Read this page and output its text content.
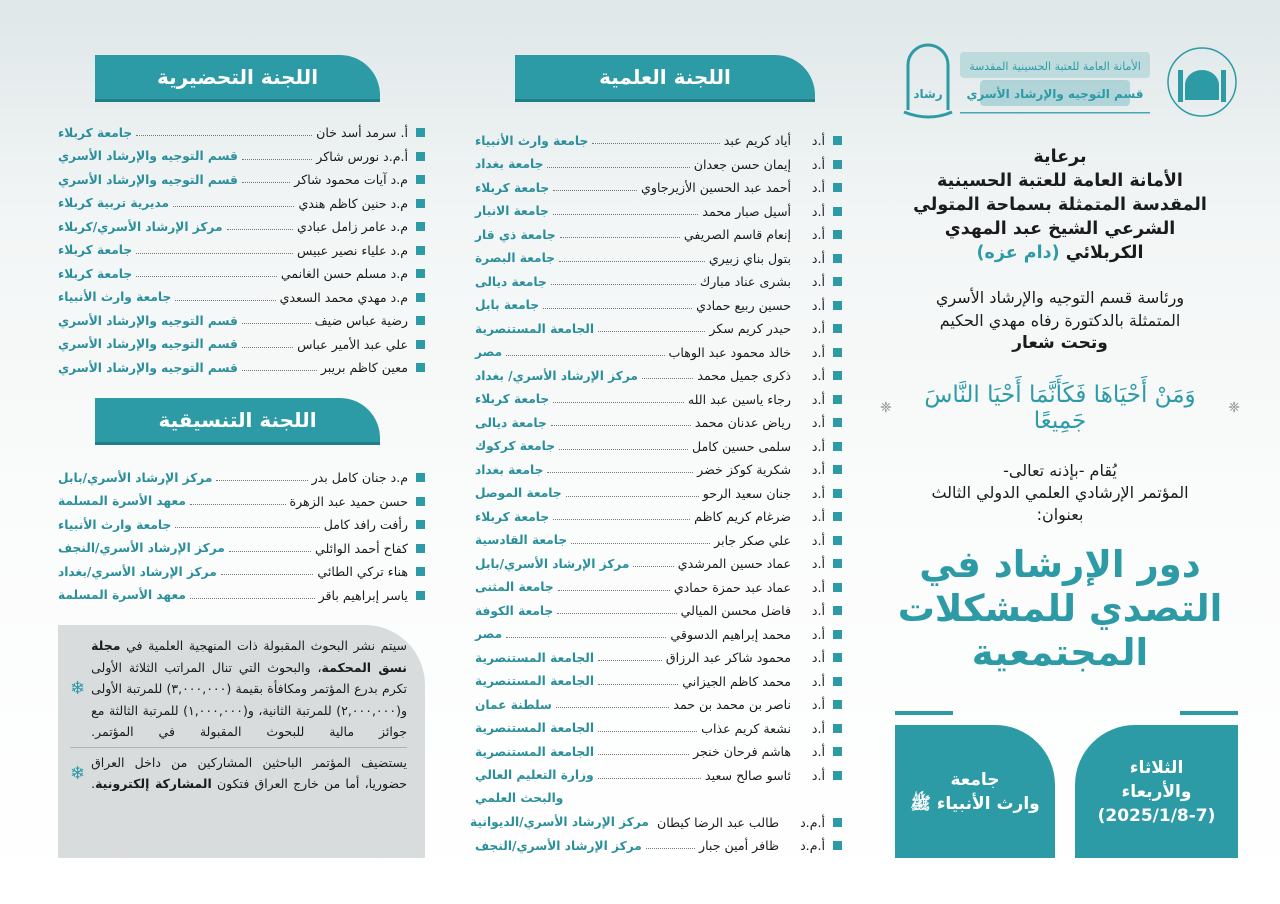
اللجنة التحضيرية
أ. سرمد أسد خان
جامعة كربلاء
أ.م.د نورس شاكر
قسم التوجيه والإرشاد الأسري
م.د آيات محمود شاكر
قسم التوجيه والإرشاد الأسري
م.د حنين كاظم هندي
مديرية تربية كربلاء
م.د عامر زامل عبادي
مركز الإرشاد الأسري/كربلاء
م.د علياء نصير عبيس
جامعة كربلاء
م.د مسلم حسن الغانمي
جامعة كربلاء
م.د مهدي محمد السعدي
جامعة وارث الأنبياء
رضية عباس ضيف
قسم التوجيه والإرشاد الأسري
علي عبد الأمير عباس
قسم التوجيه والإرشاد الأسري
معين كاظم بريبر
قسم التوجيه والإرشاد الأسري
اللجنة التنسيقية
م.د جنان كامل بدر
مركز الإرشاد الأسري/بابل
حسن حميد عبد الزهرة
معهد الأسرة المسلمة
رأفت رافد كامل
جامعة وارث الأنبياء
كفاح أحمد الوائلي
مركز الإرشاد الأسري/النجف
هناء تركي الطائي
مركز الإرشاد الأسري/بغداد
ياسر إبراهيم باقر
معهد الأسرة المسلمة

سيتم نشر البحوث المقبولة ذات المنهجية العلمية في مجلة نسق المحكمة، والبحوث التي تنال المراتب الثلاثة الأولى تكرم بدرع المؤتمر ومكافأة بقيمة (٣,٠٠٠,٠٠٠) للمرتبة الأولى و(٢,٠٠٠,٠٠٠) للمرتبة الثانية، و(١,٠٠٠,٠٠٠) للمرتبة الثالثة مع جوائز مالية للبحوث المقبولة في المؤتمر.

❄

يستضيف المؤتمر الباحثين المشاركين من داخل العراق حضوريا، أما من خارج العراق فتكون المشاركة إلكترونية.

❄
اللجنة العلمية
أ.د
أياد كريم عبد
جامعة وارث الأنبياء
أ.د
إيمان حسن جعدان
جامعة بغداد
أ.د
أحمد عبد الحسين الأزيرجاوي
جامعة كربلاء
أ.د
أسيل صبار محمد
جامعة الانبار
أ.د
إنعام قاسم الصريفي
جامعة ذي قار
أ.د
بتول بناي زبيري
جامعة البصرة
أ.د
بشرى عناد مبارك
جامعة ديالى
أ.د
حسين ربيع حمادي
جامعة بابل
أ.د
حيدر كريم سكر
الجامعة المستنصرية
أ.د
خالد محمود عبد الوهاب
مصر
أ.د
ذكرى جميل محمد
مركز الإرشاد الأسري/ بغداد
أ.د
رجاء ياسين عبد الله
جامعة كربلاء
أ.د
رياض عدنان محمد
جامعة ديالى
أ.د
سلمى حسين كامل
جامعة كركوك
أ.د
شكرية كوكز خضر
جامعة بغداد
أ.د
جنان سعيد الرحو
جامعة الموصل
أ.د
ضرغام كريم كاظم
جامعة كربلاء
أ.د
علي صكر جابر
جامعة القادسية
أ.د
عماد حسين المرشدي
مركز الإرشاد الأسري/بابل
أ.د
عماد عبد حمزة حمادي
جامعة المثنى
أ.د
فاضل محسن الميالي
جامعة الكوفة
أ.د
محمد إبراهيم الدسوقي
مصر
أ.د
محمود شاكر عبد الرزاق
الجامعة المستنصرية
أ.د
محمد كاظم الجيزاني
الجامعة المستنصرية
أ.د
ناصر بن محمد بن حمد
سلطنة عمان
أ.د
نشعة كريم عذاب
الجامعة المستنصرية
أ.د
هاشم فرحان خنجر
الجامعة المستنصرية
أ.د
ئاسو صالح سعيد
وزارة التعليم العالي
والبحث العلمي
أ.م.د
طالب عبد الرضا كيطان
مركز الإرشاد الأسري/الديوانية
أ.م.د
ظافر أمين جبار
مركز الإرشاد الأسري/النجف
رشاد
الأمانة العامة للعتبة الحسينية المقدسة
قسم التوجيه والإرشاد الأسري
برعاية
الأمانة العامة للعتبة الحسينية
المقدسة المتمثلة بسماحة المتولي
الشرعي الشيخ عبد المهدي
الكربلائي (دام عزه)
ورئاسة قسم التوجيه والإرشاد الأسري
المتمثلة بالدكتورة رفاه مهدي الحكيم
وتحت شعار
❈
وَمَنْ أَحْيَاهَا فَكَأَنَّمَا أَحْيَا النَّاسَ جَمِيعًا
❈
يُقام -بإذنه تعالى-
المؤتمر الإرشادي العلمي الدولي الثالث
بعنوان:
دور الإرشاد في
التصدي للمشكلات
المجتمعية
الثلاثاء
والأربعاء
(2025/1/8-7)
جامعة
وارث الأنبياء ﷺ
